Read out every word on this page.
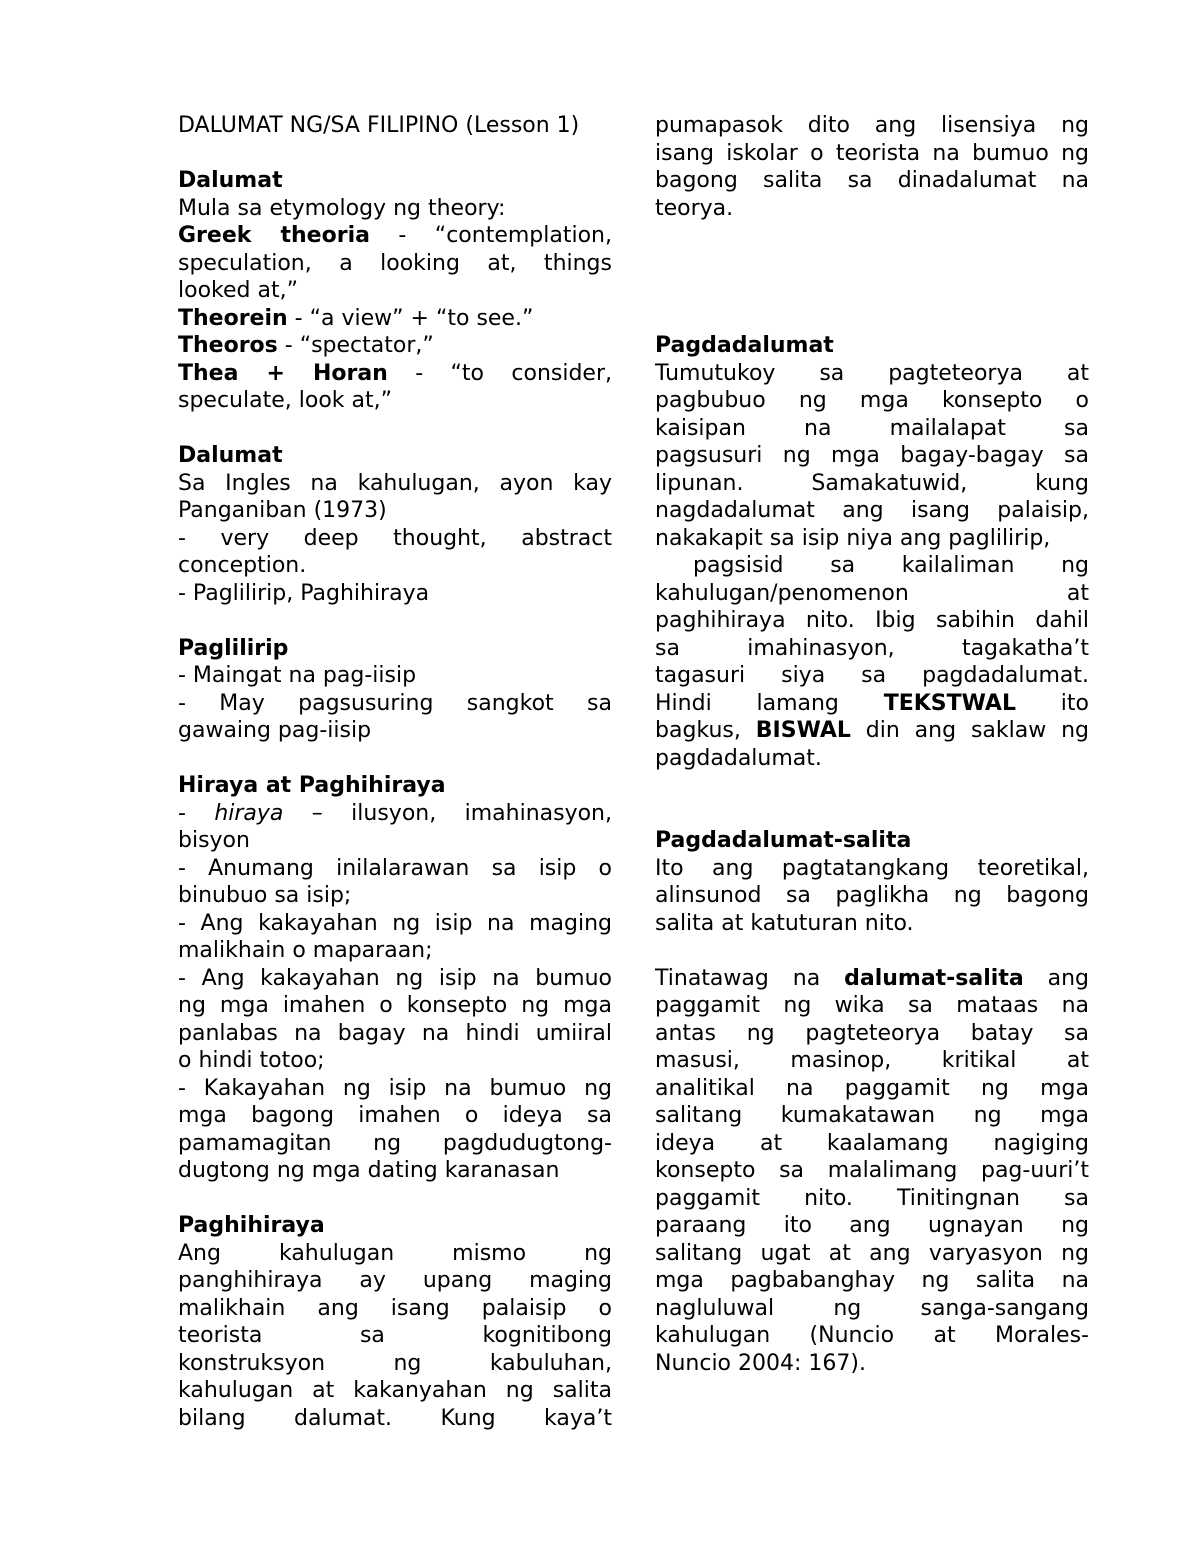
DALUMAT NG/SA FILIPINO (Lesson 1)
Dalumat
Mula sa etymology ng theory:
Greek theoria - “contemplation,
speculation, a looking at, things
looked at,”
Theorein - “a view” + “to see.”
Theoros - “spectator,”
Thea + Horan - “to consider,
speculate, look at,”
Dalumat
Sa Ingles na kahulugan, ayon kay
Panganiban (1973)
- very deep thought, abstract
conception.
- Paglilirip, Paghihiraya
Paglilirip
- Maingat na pag-iisip
- May pagsusuring sangkot sa
gawaing pag-iisip
Hiraya at Paghihiraya
- hiraya – ilusyon, imahinasyon,
bisyon
- Anumang inilalarawan sa isip o
binubuo sa isip;
- Ang kakayahan ng isip na maging
malikhain o maparaan;
- Ang kakayahan ng isip na bumuo
ng mga imahen o konsepto ng mga
panlabas na bagay na hindi umiiral
o hindi totoo;
- Kakayahan ng isip na bumuo ng
mga bagong imahen o ideya sa
pamamagitan ng pagdudugtong-
dugtong ng mga dating karanasan
Paghihiraya
Ang kahulugan mismo ng
panghihiraya ay upang maging
malikhain ang isang palaisip o
teorista sa kognitibong
konstruksyon ng kabuluhan,
kahulugan at kakanyahan ng salita
bilang dalumat. Kung kaya’t
pumapasok dito ang lisensiya ng
isang iskolar o teorista na bumuo ng
bagong salita sa dinadalumat na
teorya.
Pagdadalumat
Tumutukoy sa pagteteorya at
pagbubuo ng mga konsepto o
kaisipan na mailalapat sa
pagsusuri ng mga bagay-bagay sa
lipunan. Samakatuwid, kung
nagdadalumat ang isang palaisip,
nakakapit sa isip niya ang paglilirip,
pagsisid sa kailaliman ng
kahulugan/penomenon at
paghihiraya nito. Ibig sabihin dahil
sa imahinasyon, tagakatha’t
tagasuri siya sa pagdadalumat.
Hindi lamang TEKSTWAL ito
bagkus, BISWAL din ang saklaw ng
pagdadalumat.
Pagdadalumat-salita
Ito ang pagtatangkang teoretikal,
alinsunod sa paglikha ng bagong
salita at katuturan nito.
Tinatawag na dalumat-salita ang
paggamit ng wika sa mataas na
antas ng pagteteorya batay sa
masusi, masinop, kritikal at
analitikal na paggamit ng mga
salitang kumakatawan ng mga
ideya at kaalamang nagiging
konsepto sa malalimang pag-uuri’t
paggamit nito. Tinitingnan sa
paraang ito ang ugnayan ng
salitang ugat at ang varyasyon ng
mga pagbabanghay ng salita na
nagluluwal ng sanga-sangang
kahulugan (Nuncio at Morales-
Nuncio 2004: 167).
